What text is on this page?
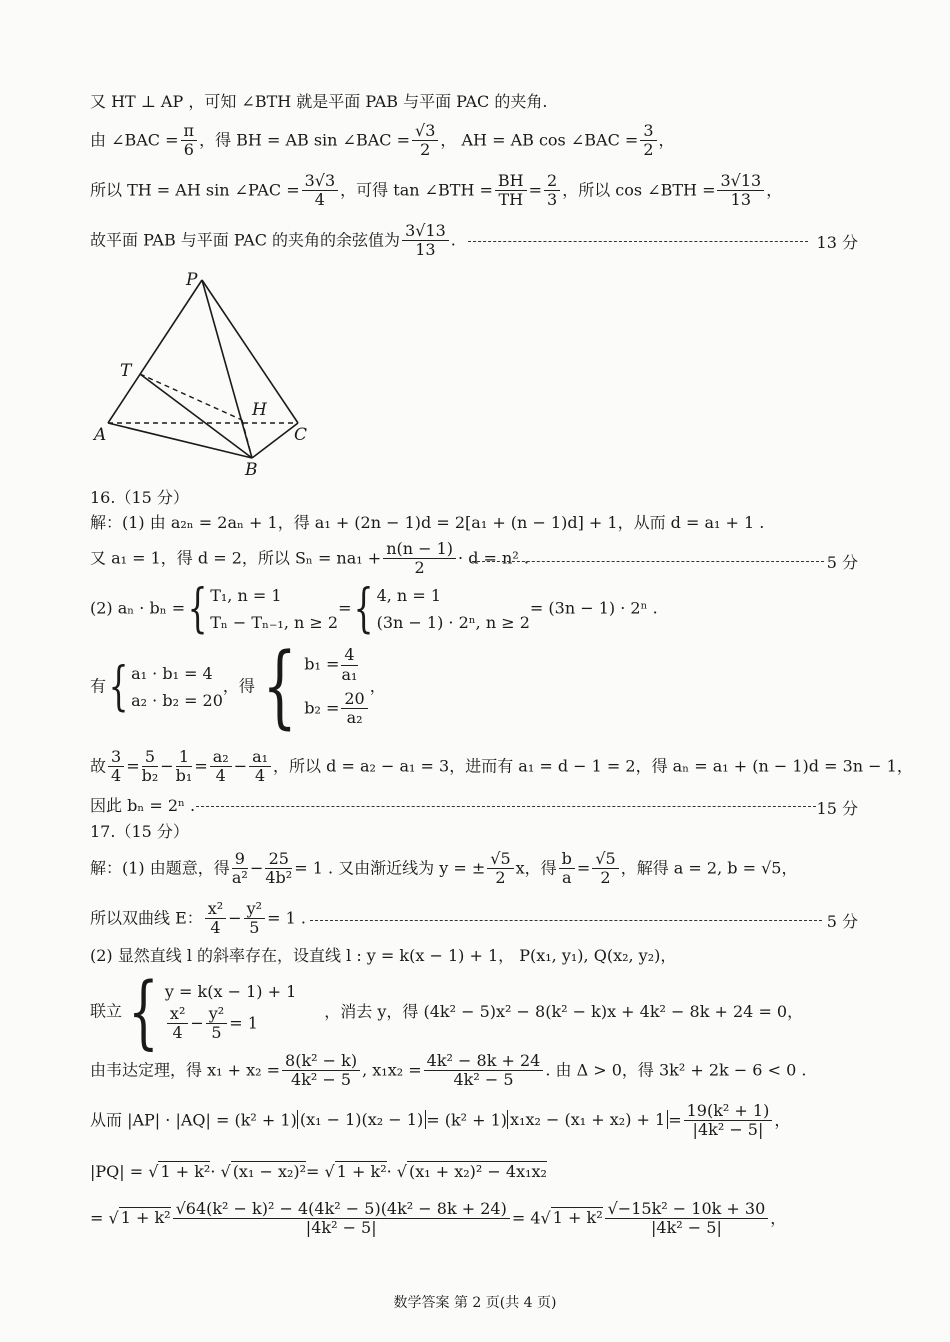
又 HT ⊥ AP ，可知 ∠BTH 就是平面 PAB 与平面 PAC 的夹角.
由 ∠BAC = $\frac{\pi}{6}$ ，得 BH = AB sin ∠BAC = $\frac{√3}{2}$ ， AH = AB cos ∠BAC = $\frac{3}{2}$ ，
所以 TH = AH sin ∠PAC = $\frac{3√3}{4}$ ，可得 tan ∠BTH = $\frac{BH}{TH} = \frac{2}{3}$ ，所以 cos ∠BTH = $\frac{3√13}{13}$ ，
故平面 PAB 与平面 PAC 的夹角的余弦值为 $\frac{3√13}{13}$ .	13 分
P
T
H
A
B
C
16.（15 分）
解：(1) 由 a₂ₙ = 2aₙ + 1，得 a₁ + (2n − 1)d = 2[a₁ + (n − 1)d] + 1，从而 d = a₁ + 1 .
又 a₁ = 1，得 d = 2，所以 $S_n = na_1 + \frac{n(n - 1)}{2} \cdot d = n^2$ .	5 分
(2) aₙ · bₙ ={ T₁, n = 1
Tₙ − Tₙ₋₁, n ≥ 2
={ 4, n = 1
(3n − 1) · 2ⁿ, n ≥ 2
= (3n − 1) · 2ⁿ .
有{ a₁ · b₁ = 4
a₂ · b₂ = 20
，得{ $b_1 = \frac{4}{\text{a₁}}$
$b_2 = \frac{20}{\text{a₂}}$
，
故 $\frac{3}{4} = \frac{5}{\text{b₂}} - \frac{1}{\text{b₁}} = \frac{\text{a₂}}{4} - \frac{\text{a₁}}{4}$ ，所以 d = a₂ − a₁ = 3，进而有 a₁ = d − 1 = 2，得 aₙ = a₁ + (n − 1)d = 3n − 1，
因此 bₙ = 2ⁿ .	15 分
17.（15 分）
解：(1) 由题意，得 $\frac{9}{\text{a²}} - \frac{25}{\text{4b²}} = 1$ . 又由渐近线为 y = ± $\frac{√5}{2}$ x，得 $\frac{b}{a} = \frac{√5}{2}$ ，解得 a = 2, b = √5，
所以双曲线 E： $\frac{\text{x²}}{4} - \frac{\text{y²}}{5} = 1$ .	5 分
(2) 显然直线 l 的斜率存在，设直线 l : y = k(x − 1) + 1， P(x₁, y₁), Q(x₂, y₂)，
联立{ y = k(x − 1) + 1
$\frac{\text{x²}}{4} - \frac{\text{y²}}{5} = 1$
，消去 y，得 (4k² − 5)x² − 8(k² − k)x + 4k² − 8k + 24 = 0，
由韦达定理，得 $x_1 + x_2 = \frac{\text{8(k² − k)}}{\text{4k² − 5}}$ , $x_1x_2 = \frac{\text{4k² − 8k + 24}}{\text{4k² − 5}}$ . 由 Δ > 0，得 3k² + 2k − 6 < 0 .
从而 |AP| · |AQ| = (k² + 1) (x₁ − 1)(x₂ − 1) = (k² + 1) $x_1x_2 - (x_1 + x_2) + 1 = \frac{\text{19(k² + 1)}}{\text{|4k² − 5|}}$ ，
|PQ| = √ 1 + k²· √ (x₁ − x₂)²= √ 1 + k²· √ (x₁ + x₂)² − 4x₁x₂
= √ $1 + k^2 \frac{\text{√64(k² − k)² − 4(4k² − 5)(4k² − 8k + 24)}}{\text{|4k² − 5|}} = 4√$ $1 + k^2 \frac{\text{√−15k² − 10k + 30}}{\text{|4k² − 5|}}$ ，
数学答案 第 2 页(共 4 页)
